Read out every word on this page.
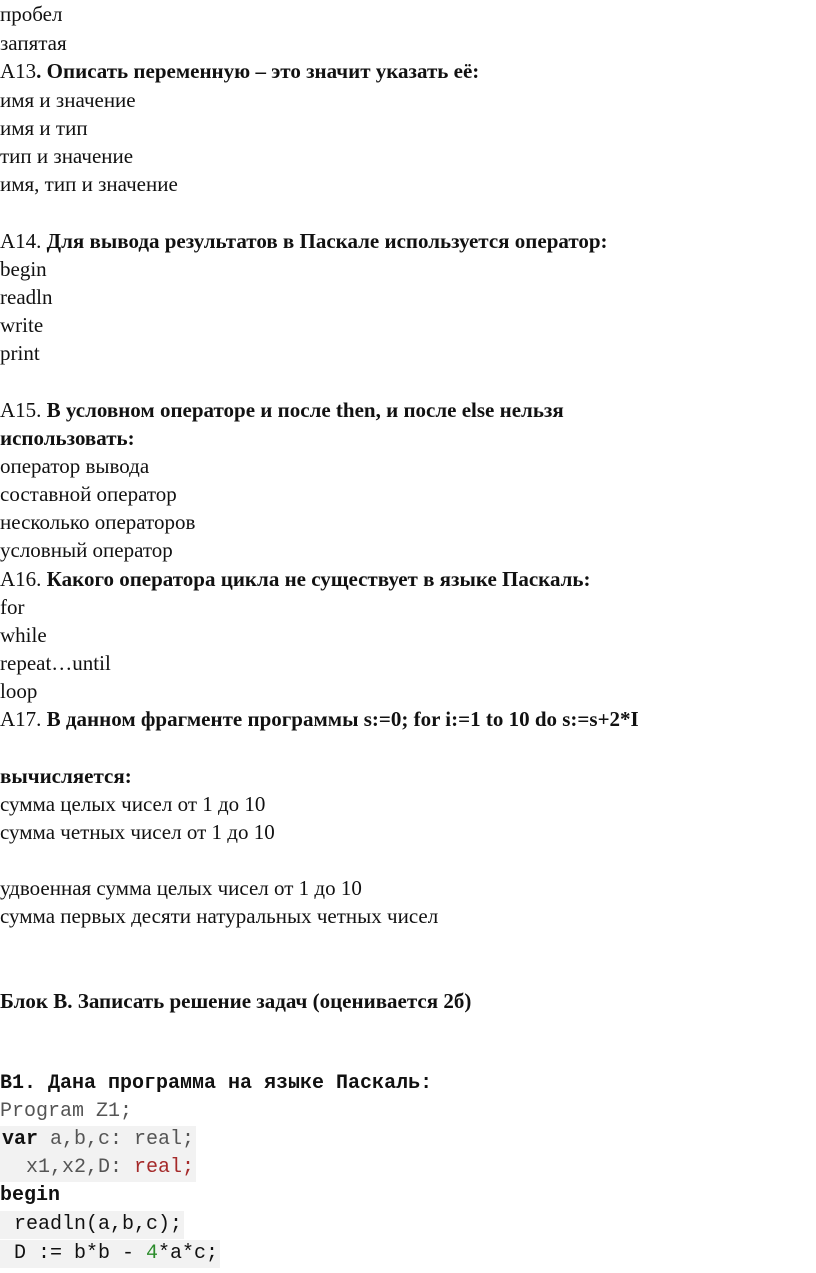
пробел
запятая
А13. Описать переменную – это значит указать её:
имя и значение
имя и тип
тип и значение
имя, тип и значение
А14. Для вывода результатов в Паскале используется оператор:
begin
readln
write
print
А15. В условном операторе и после then, и после else нельзя
использовать:
оператор вывода
составной оператор
несколько операторов
условный оператор
А16. Какого оператора цикла не существует в языке Паскаль:
for
while
repeat…until
loop
А17. В данном фрагменте программы s:=0; for i:=1 to 10 do s:=s+2*I
вычисляется:
сумма целых чисел от 1 до 10
сумма четных чисел от 1 до 10
удвоенная сумма целых чисел от 1 до 10
сумма первых десяти натуральных четных чисел
Блок В. Записать решение задач (оценивается 2б)
B1. Дана программа на языке Паскаль:
Program Z1;
var a,b,c: real;
x1,x2,D: real;
begin
readln(a,b,c);
D := b*b - 4*a*c;
